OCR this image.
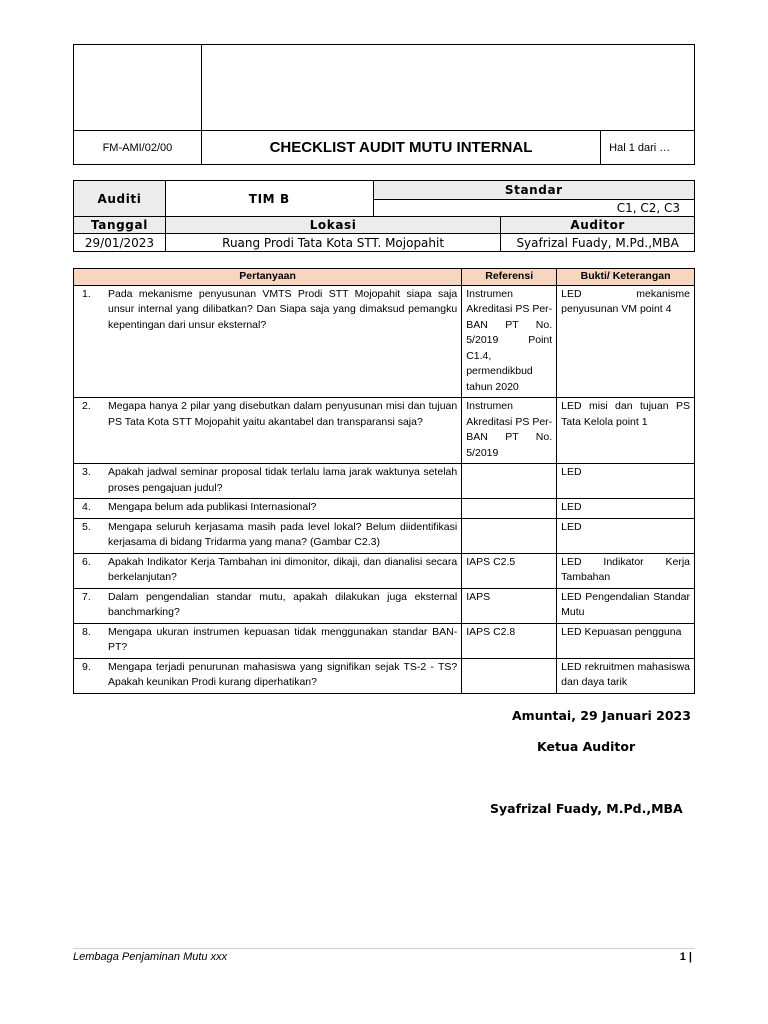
FM-AMI/02/00	CHECKLIST AUDIT MUTU INTERNAL	Hal 1 dari …
Auditi	TIM B	Standar	
		C1, C2, C3	
Tanggal	Lokasi		Auditor
29/01/2023	Ruang Prodi Tata Kota STT. Mojopahit		Syafrizal Fuady, M.Pd.,MBA
Pertanyaan	Referensi	Bukti/ Keterangan

1. Pada mekanisme penyusunan VMTS Prodi STT Mojopahit siapa saja unsur internal yang dilibatkan? Dan Siapa saja yang dimaksud pemangku kepentingan dari unsur eksternal?	Instrumen Akreditasi PS Per-BAN PT No. 5/2019 Point C1.4, permendikbud tahun 2020	LED mekanisme penyusunan VM point 4

2. Megapa hanya 2 pilar yang disebutkan dalam penyusunan misi dan tujuan PS Tata Kota STT Mojopahit yaitu akantabel dan transparansi saja?	Instrumen Akreditasi PS Per-BAN PT No. 5/2019	LED misi dan tujuan PS Tata Kelola point 1

3. Apakah jadwal seminar proposal tidak terlalu lama jarak waktunya setelah proses pengajuan judul?		LED

4. Mengapa belum ada publikasi Internasional?		LED

5. Mengapa seluruh kerjasama masih pada level lokal? Belum diidentifikasi kerjasama di bidang Tridarma yang mana? (Gambar C2.3)		LED

6. Apakah Indikator Kerja Tambahan ini dimonitor, dikaji, dan dianalisi secara berkelanjutan?	IAPS C2.5	LED Indikator Kerja Tambahan

7. Dalam pengendalian standar mutu, apakah dilakukan juga eksternal banchmarking?	IAPS	LED Pengendalian Standar Mutu

8. Mengapa ukuran instrumen kepuasan tidak menggunakan standar BAN-PT?	IAPS C2.8	LED Kepuasan pengguna

9. Mengapa terjadi penurunan mahasiswa yang signifikan sejak TS-2 - TS? Apakah keunikan Prodi kurang diperhatikan?		LED rekruitmen mahasiswa dan daya tarik
Amuntai, 29 Januari 2023
Ketua Auditor
Syafrizal Fuady, M.Pd.,MBA
Lembaga Penjaminan Mutu xxx	1 |
